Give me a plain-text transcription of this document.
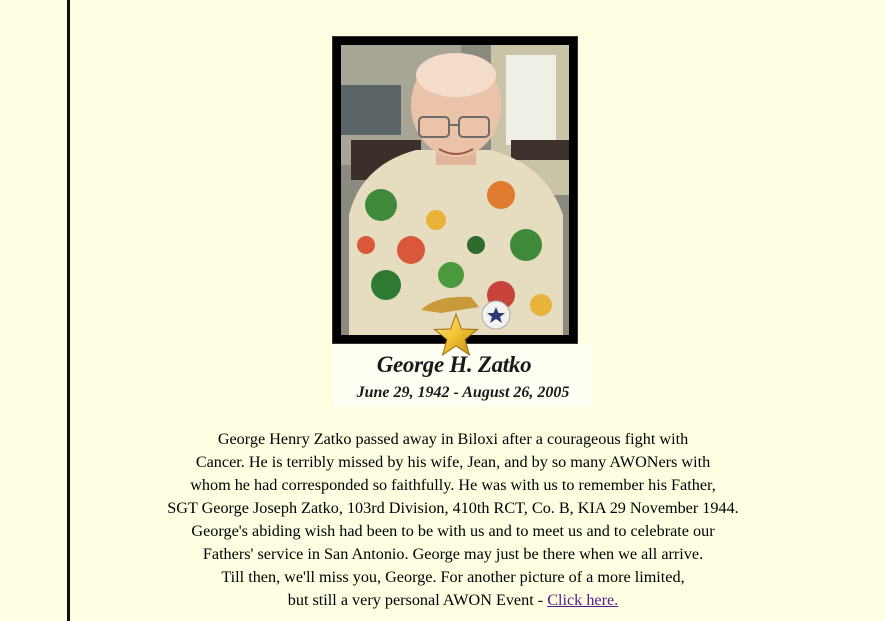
George H. Zatko
June 29, 1942 - August 26, 2005
George Henry Zatko passed away in Biloxi after a courageous fight with
Cancer. He is terribly missed by his wife, Jean, and by so many AWONers with
whom he had corresponded so faithfully. He was with us to remember his Father,
SGT George Joseph Zatko, 103rd Division, 410th RCT, Co. B, KIA 29 November 1944.
George's abiding wish had been to be with us and to meet us and to celebrate our
Fathers' service in San Antonio. George may just be there when we all arrive.
Till then, we'll miss you, George. For another picture of a more limited,
but still a very personal AWON Event - Click here.
